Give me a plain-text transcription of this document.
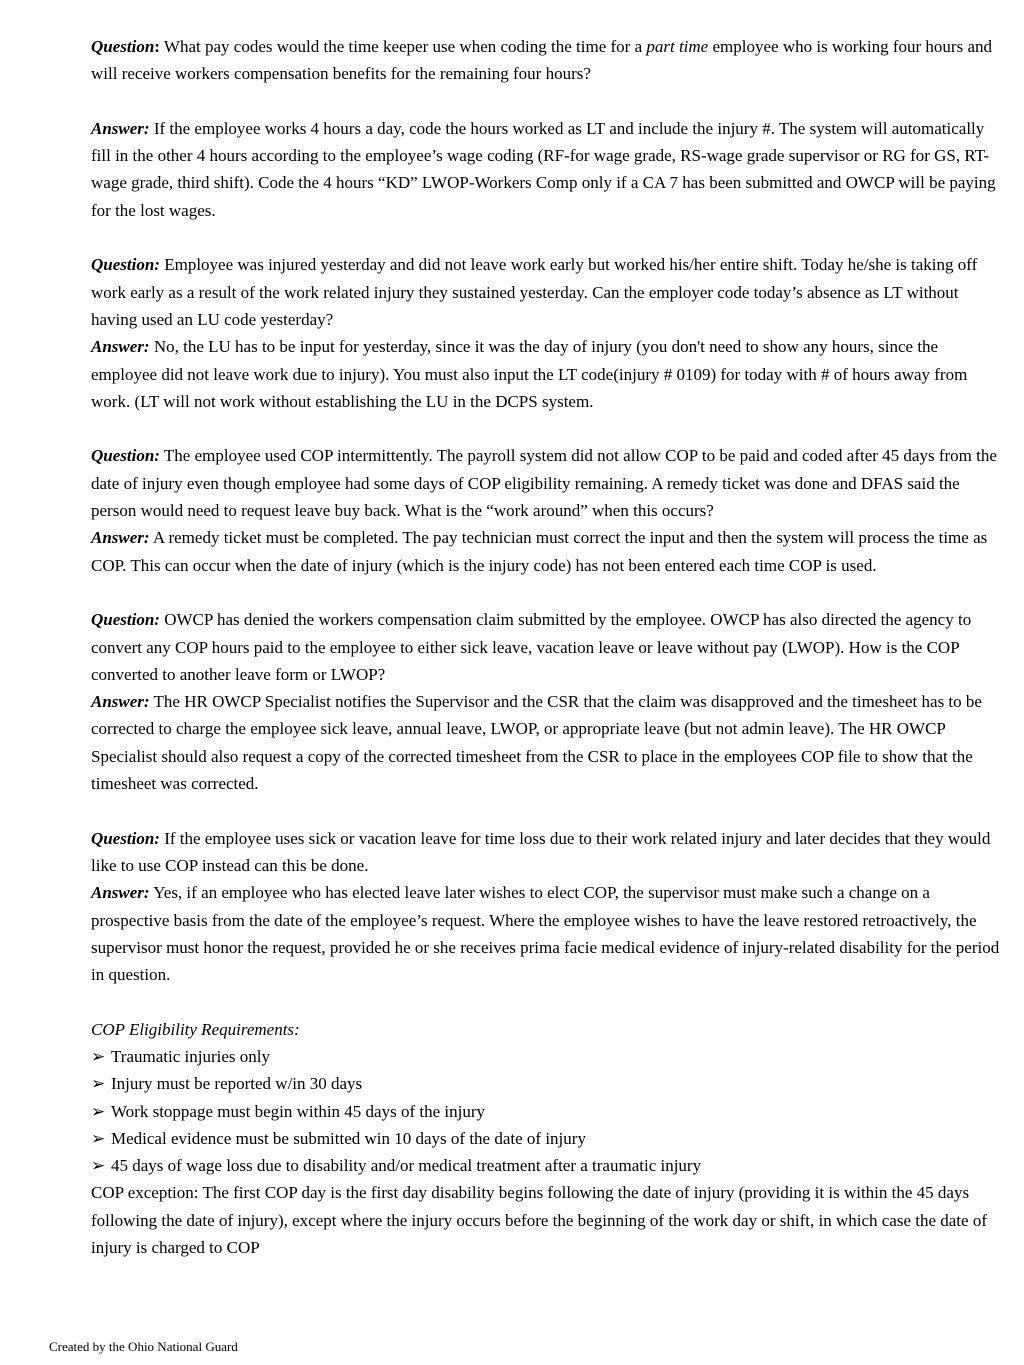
Question: What pay codes would the time keeper use when coding the time for a part time employee who is working four hours and will receive workers compensation benefits for the remaining four hours?

Answer: If the employee works 4 hours a day, code the hours worked as LT and include the injury #. The system will automatically fill in the other 4 hours according to the employee’s wage coding (RF-for wage grade, RS-wage grade supervisor or RG for GS, RT-wage grade, third shift). Code the 4 hours “KD” LWOP-Workers Comp only if a CA 7 has been submitted and OWCP will be paying for the lost wages.

Question: Employee was injured yesterday and did not leave work early but worked his/her entire shift. Today he/she is taking off work early as a result of the work related injury they sustained yesterday. Can the employer code today’s absence as LT without having used an LU code yesterday?

Answer: No, the LU has to be input for yesterday, since it was the day of injury (you don't need to show any hours, since the employee did not leave work due to injury). You must also input the LT code(injury # 0109) for today with # of hours away from work. (LT will not work without establishing the LU in the DCPS system.

Question: The employee used COP intermittently. The payroll system did not allow COP to be paid and coded after 45 days from the date of injury even though employee had some days of COP eligibility remaining. A remedy ticket was done and DFAS said the person would need to request leave buy back. What is the “work around” when this occurs?

Answer: A remedy ticket must be completed. The pay technician must correct the input and then the system will process the time as COP. This can occur when the date of injury (which is the injury code) has not been entered each time COP is used.

Question: OWCP has denied the workers compensation claim submitted by the employee. OWCP has also directed the agency to convert any COP hours paid to the employee to either sick leave, vacation leave or leave without pay (LWOP). How is the COP converted to another leave form or LWOP?

Answer: The HR OWCP Specialist notifies the Supervisor and the CSR that the claim was disapproved and the timesheet has to be corrected to charge the employee sick leave, annual leave, LWOP, or appropriate leave (but not admin leave). The HR OWCP Specialist should also request a copy of the corrected timesheet from the CSR to place in the employees COP file to show that the timesheet was corrected.

Question: If the employee uses sick or vacation leave for time loss due to their work related injury and later decides that they would like to use COP instead can this be done.

Answer: Yes, if an employee who has elected leave later wishes to elect COP, the supervisor must make such a change on a prospective basis from the date of the employee’s request. Where the employee wishes to have the leave restored retroactively, the supervisor must honor the request, provided he or she receives prima facie medical evidence of injury-related disability for the period in question.

COP Eligibility Requirements:

➢ Traumatic injuries only
➢ Injury must be reported w/in 30 days
➢ Work stoppage must begin within 45 days of the injury
➢ Medical evidence must be submitted win 10 days of the date of injury
➢ 45 days of wage loss due to disability and/or medical treatment after a traumatic injury

COP exception: The first COP day is the first day disability begins following the date of injury (providing it is within the 45 days following the date of injury), except where the injury occurs before the beginning of the work day or shift, in which case the date of injury is charged to COP

Created by the Ohio National Guard
